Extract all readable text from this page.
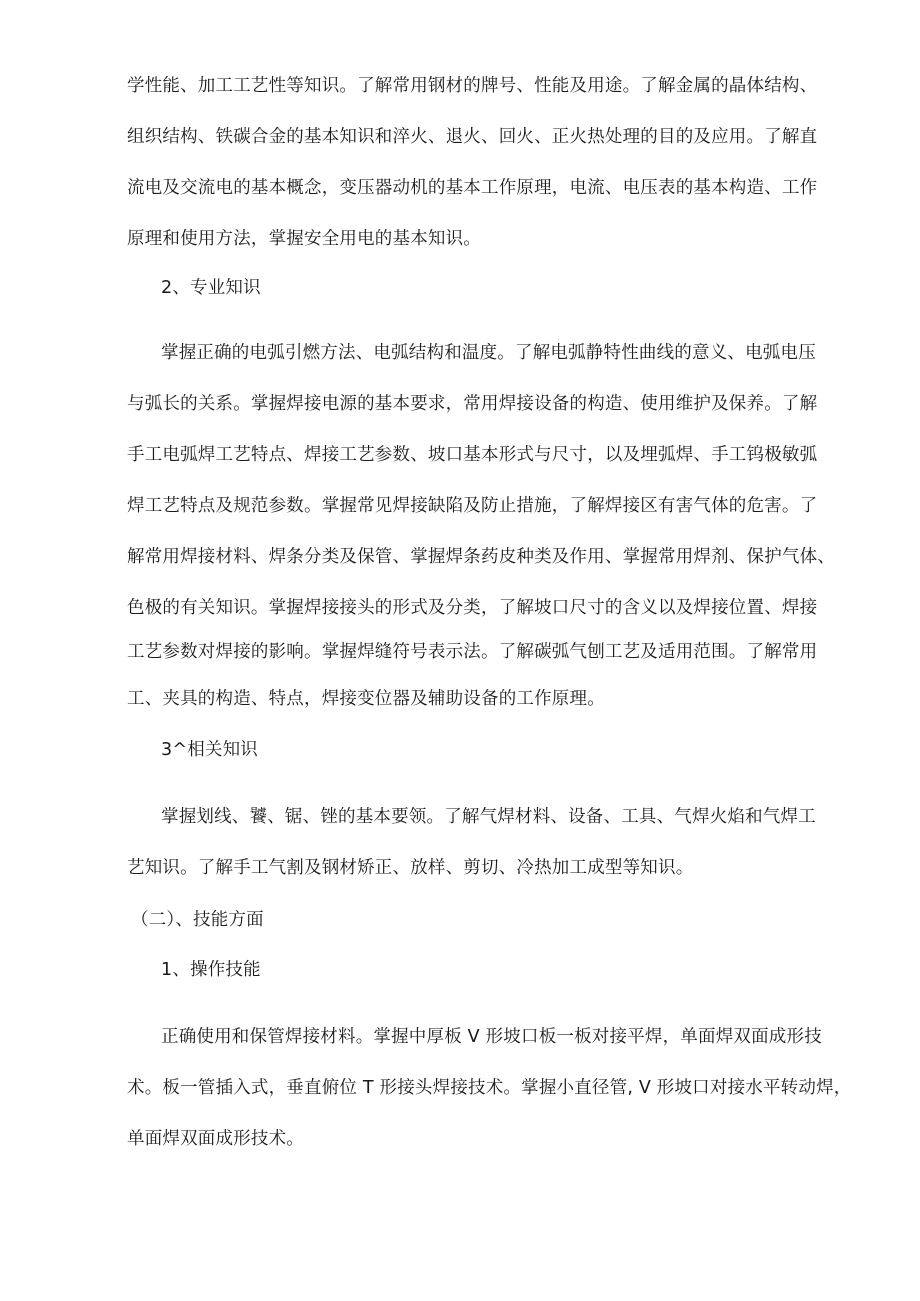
学性能、加工工艺性等知识。了解常用钢材的牌号、性能及用途。了解金属的晶体结构、
组织结构、铁碳合金的基本知识和淬火、退火、回火、正火热处理的目的及应用。了解直
流电及交流电的基本概念，变压器动机的基本工作原理，电流、电压表的基本构造、工作
原理和使用方法，掌握安全用电的基本知识。
2、专业知识
掌握正确的电弧引燃方法、电弧结构和温度。了解电弧静特性曲线的意义、电弧电压
与弧长的关系。掌握焊接电源的基本要求，常用焊接设备的构造、使用维护及保养。了解
手工电弧焊工艺特点、焊接工艺参数、坡口基本形式与尺寸，以及埋弧焊、手工钨极敏弧
焊工艺特点及规范参数。掌握常见焊接缺陷及防止措施，了解焊接区有害气体的危害。了
解常用焊接材料、焊条分类及保管、掌握焊条药皮种类及作用、掌握常用焊剂、保护气体、
色极的有关知识。掌握焊接接头的形式及分类，了解坡口尺寸的含义以及焊接位置、焊接
工艺参数对焊接的影响。掌握焊缝符号表示法。了解碳弧气刨工艺及适用范围。了解常用
工、夹具的构造、特点，焊接变位器及辅助设备的工作原理。
3^相关知识
掌握划线、饕、锯、锉的基本要领。了解气焊材料、设备、工具、气焊火焰和气焊工
艺知识。了解手工气割及钢材矫正、放样、剪切、冷热加工成型等知识。
（二）、技能方面
1、操作技能
正确使用和保管焊接材料。掌握中厚板 V 形坡口板一板对接平焊，单面焊双面成形技
术。板一管插入式，垂直俯位 T 形接头焊接技术。掌握小直径管, V 形坡口对接水平转动焊，
单面焊双面成形技术。
